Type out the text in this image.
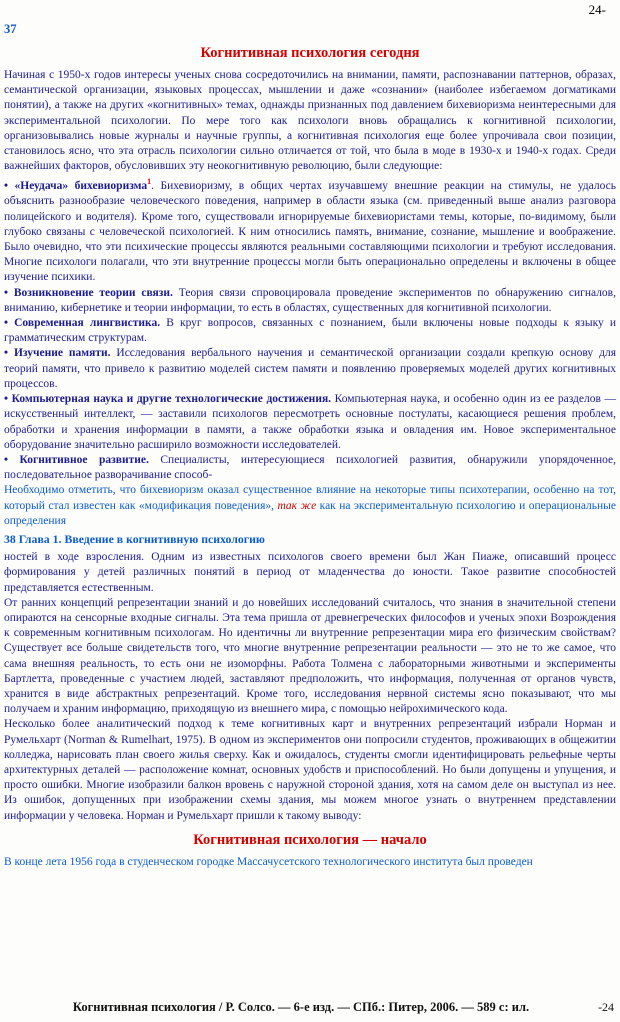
24-
37
Когнитивная психология сегодня

Начиная с 1950-х годов интересы ученых снова сосредоточились на внимании, памяти, распознавании паттернов, образах, семантической организации, языковых процессах, мышлении и даже «сознании» (наиболее избегаемом догматиками понятии), а также на других «когнитивных» темах, однажды признанных под давлением бихевиоризма неинтересными для экспериментальной психологии. По мере того как психологи вновь обращались к когнитивной психологии, организовывались новые журналы и научные группы, а когнитивная психология еще более упрочивала свои позиции, становилось ясно, что эта отрасль психологии сильно отличается от той, что была в моде в 1930-х и 1940-х годах. Среди важнейших факторов, обусловивших эту неокогнитивную революцию, были следующие:

• «Неудача» бихевиоризма$^1$. Бихевиоризму, в общих чертах изучавшему внешние реакции на стимулы, не удалось объяснить разнообразие человеческого поведения, например в области языка (см. приведенный выше анализ разговора полицейского и водителя). Кроме того, существовали игнорируемые бихевиористами темы, которые, по-видимому, были глубоко связаны с человеческой психологией. К ним относились память, внимание, сознание, мышление и воображение. Было очевидно, что эти психические процессы являются реальными составляющими психологии и требуют исследования. Многие психологи полагали, что эти внутренние процессы могли быть операционально определены и включены в общее изучение психики.

• Возникновение теории связи. Теория связи спровоцировала проведение экспериментов по обнаружению сигналов, вниманию, кибернетике и теории информации, то есть в областях, существенных для когнитивной психологии.

• Современная лингвистика. В круг вопросов, связанных с познанием, были включены новые подходы к языку и грамматическим структурам.

• Изучение памяти. Исследования вербального научения и семантической организации создали крепкую основу для теорий памяти, что привело к развитию моделей систем памяти и появлению проверяемых моделей других когнитивных процессов.

• Компьютерная наука и другие технологические достижения. Компьютерная наука, и особенно один из ее разделов — искусственный интеллект, — заставили психологов пересмотреть основные постулаты, касающиеся решения проблем, обработки и хранения информации в памяти, а также обработки языка и овладения им. Новое экспериментальное оборудование значительно расширило возможности исследователей.

• Когнитивное развитие. Специалисты, интересующиеся психологией развития, обнаружили упорядоченное, последовательное разворачивание способ-

Необходимо отметить, что бихевиоризм оказал существенное влияние на некоторые типы психотерапии, особенно на тот, который стал известен как «модификация поведения», так же как на экспериментальную психологию и операциональные определения

38 Глава 1. Введение в когнитивную психологию

ностей в ходе взросления. Одним из известных психологов своего времени был Жан Пиаже, описавший процесс формирования у детей различных понятий в период от младенчества до юности. Такое развитие способностей представляется естественным.

От ранних концепций репрезентации знаний и до новейших исследований считалось, что знания в значительной степени опираются на сенсорные входные сигналы. Эта тема пришла от древнегреческих философов и ученых эпохи Возрождения к современным когнитивным психологам. Но идентичны ли внутренние репрезентации мира его физическим свойствам? Существует все больше свидетельств того, что многие внутренние репрезентации реальности — это не то же самое, что сама внешняя реальность, то есть они не изоморфны. Работа Толмена с лабораторными животными и эксперименты Бартлетта, проведенные с участием людей, заставляют предположить, что информация, полученная от органов чувств, хранится в виде абстрактных репрезентаций. Кроме того, исследования нервной системы ясно показывают, что мы получаем и храним информацию, приходящую из внешнего мира, с помощью нейрохимического кода.

Несколько более аналитический подход к теме когнитивных карт и внутренних репрезентаций избрали Норман и Румельхарт (Norman & Rumelhart, 1975). В одном из экспериментов они попросили студентов, проживающих в общежитии колледжа, нарисовать план своего жилья сверху. Как и ожидалось, студенты смогли идентифицировать рельефные черты архитектурных деталей — расположение комнат, основных удобств и приспособлений. Но были допущены и упущения, и просто ошибки. Многие изобразили балкон вровень с наружной стороной здания, хотя на самом деле он выступал из нее. Из ошибок, допущенных при изображении схемы здания, мы можем многое узнать о внутреннем представлении информации у человека. Норман и Румельхарт пришли к такому выводу:

Когнитивная психология — начало

В конце лета 1956 года в студенческом городке Массачусетского технологического института был проведен

Когнитивная психология / Р. Солсо. — 6-е изд. — СПб.: Питер, 2006. — 589 с: ил.	-24
